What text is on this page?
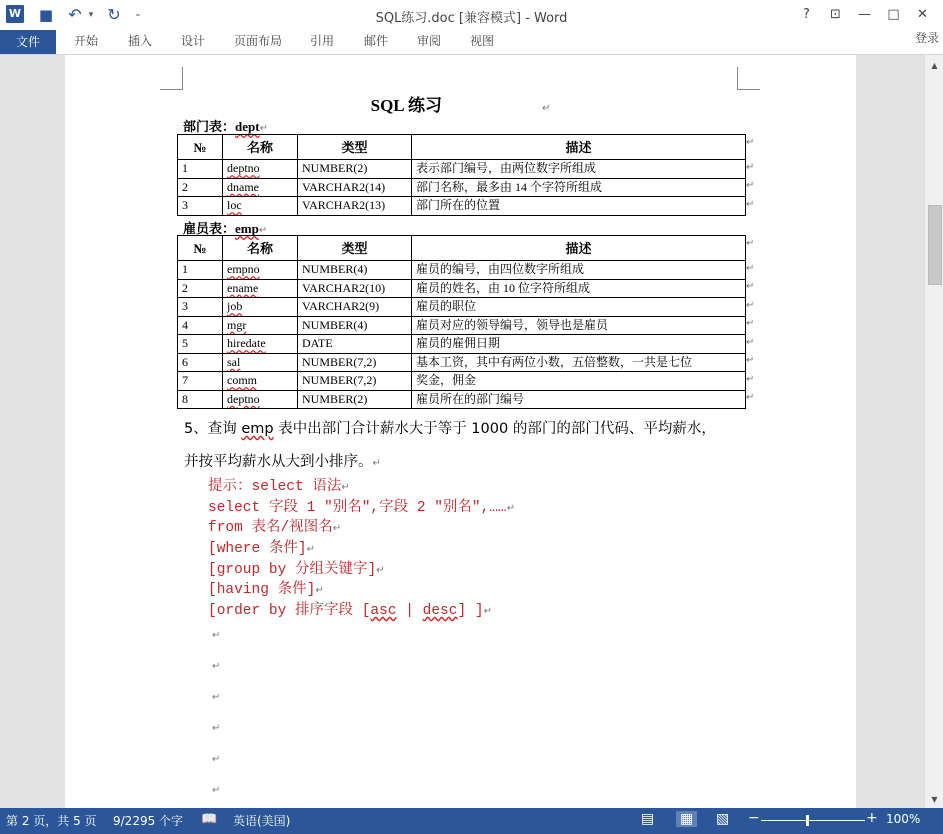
W ■ ↶ ▾ ↻	₌	SQL练习.doc [兼容模式] - Word	?	⊡	—	□	✕
文件	开始 插入 设计 页面布局 引用 邮件 审阅 视图	登录
SQL 练习	↵
部门表：dept↵
№	名称	类型	描述
1	deptno	NUMBER(2)	表示部门编号，由两位数字所组成
2	dname	VARCHAR2(14)	部门名称，最多由 14 个字符所组成
3	loc	VARCHAR2(13)	部门所在的位置
雇员表：emp↵
№	名称	类型	描述
1	empno	NUMBER(4)	雇员的编号，由四位数字所组成
2	ename	VARCHAR2(10)	雇员的姓名，由 10 位字符所组成
3	job	VARCHAR2(9)	雇员的职位
4	mgr	NUMBER(4)	雇员对应的领导编号，领导也是雇员
5	hiredate	DATE	雇员的雇佣日期
6	sal	NUMBER(7,2)	基本工资，其中有两位小数，五倍整数，一共是七位
7	comm	NUMBER(7,2)	奖金，佣金
8	deptno	NUMBER(2)	雇员所在的部门编号
5、查询 emp 表中出部门合计薪水大于等于 1000 的部门的部门代码、平均薪水，
并按平均薪水从大到小排序。↵
提示：select 语法↵
select 字段 1 "别名",字段 2 "别名",……↵
from 表名/视图名↵
[where 条件]↵
[group by 分组关键字]↵
[having 条件]↵
[order by 排序字段 [asc | desc] ]↵
↵
↵
↵
↵
↵
↵
↵
↵
↵
↵
↵
↵
↵
↵
↵
↵
↵
↵
↵
▲
▼
第 2 页，共 5 页 9/2295 个字 📖 英语(美国)	▤ ▦ ▧ −	+ 100%
